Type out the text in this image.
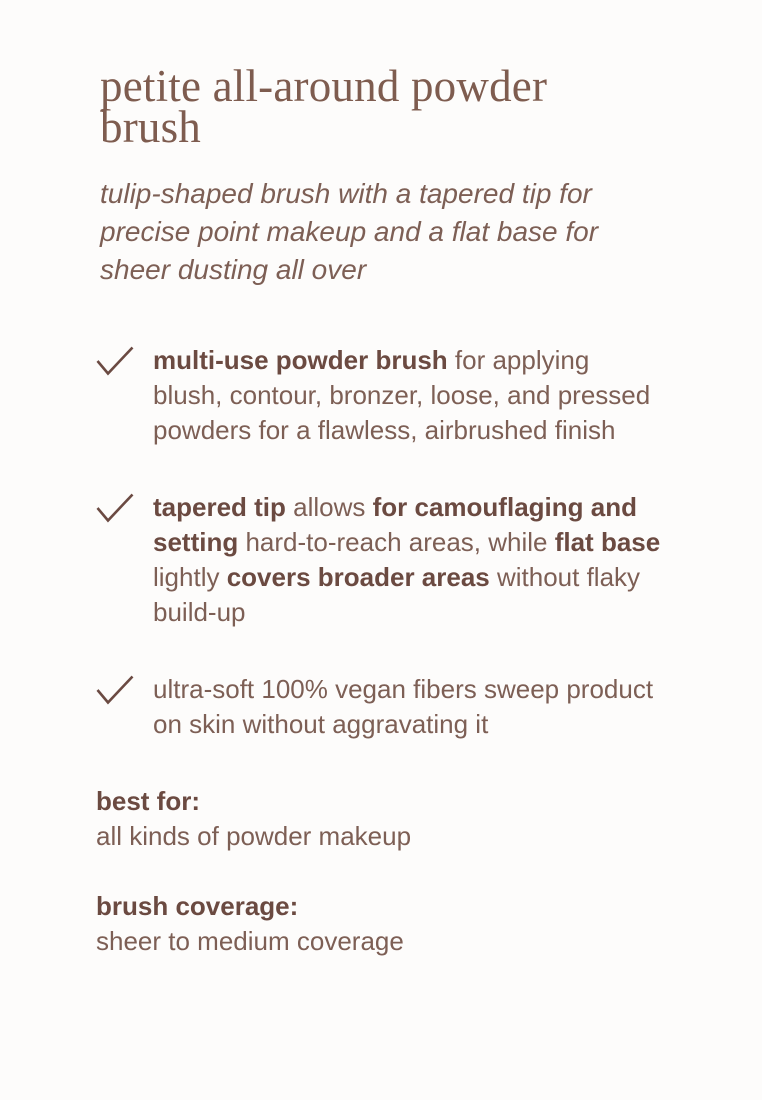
petite all-around powder brush

tulip-shaped brush with a tapered tip for precise point makeup and a flat base for sheer dusting all over

multi-use powder brush for applying blush, contour, bronzer, loose, and pressed powders for a flawless, airbrushed finish

tapered tip allows for camouflaging and setting hard-to-reach areas, while flat base lightly covers broader areas without flaky build-up

ultra-soft 100% vegan fibers sweep product on skin without aggravating it

best for:

all kinds of powder makeup

brush coverage:

sheer to medium coverage
